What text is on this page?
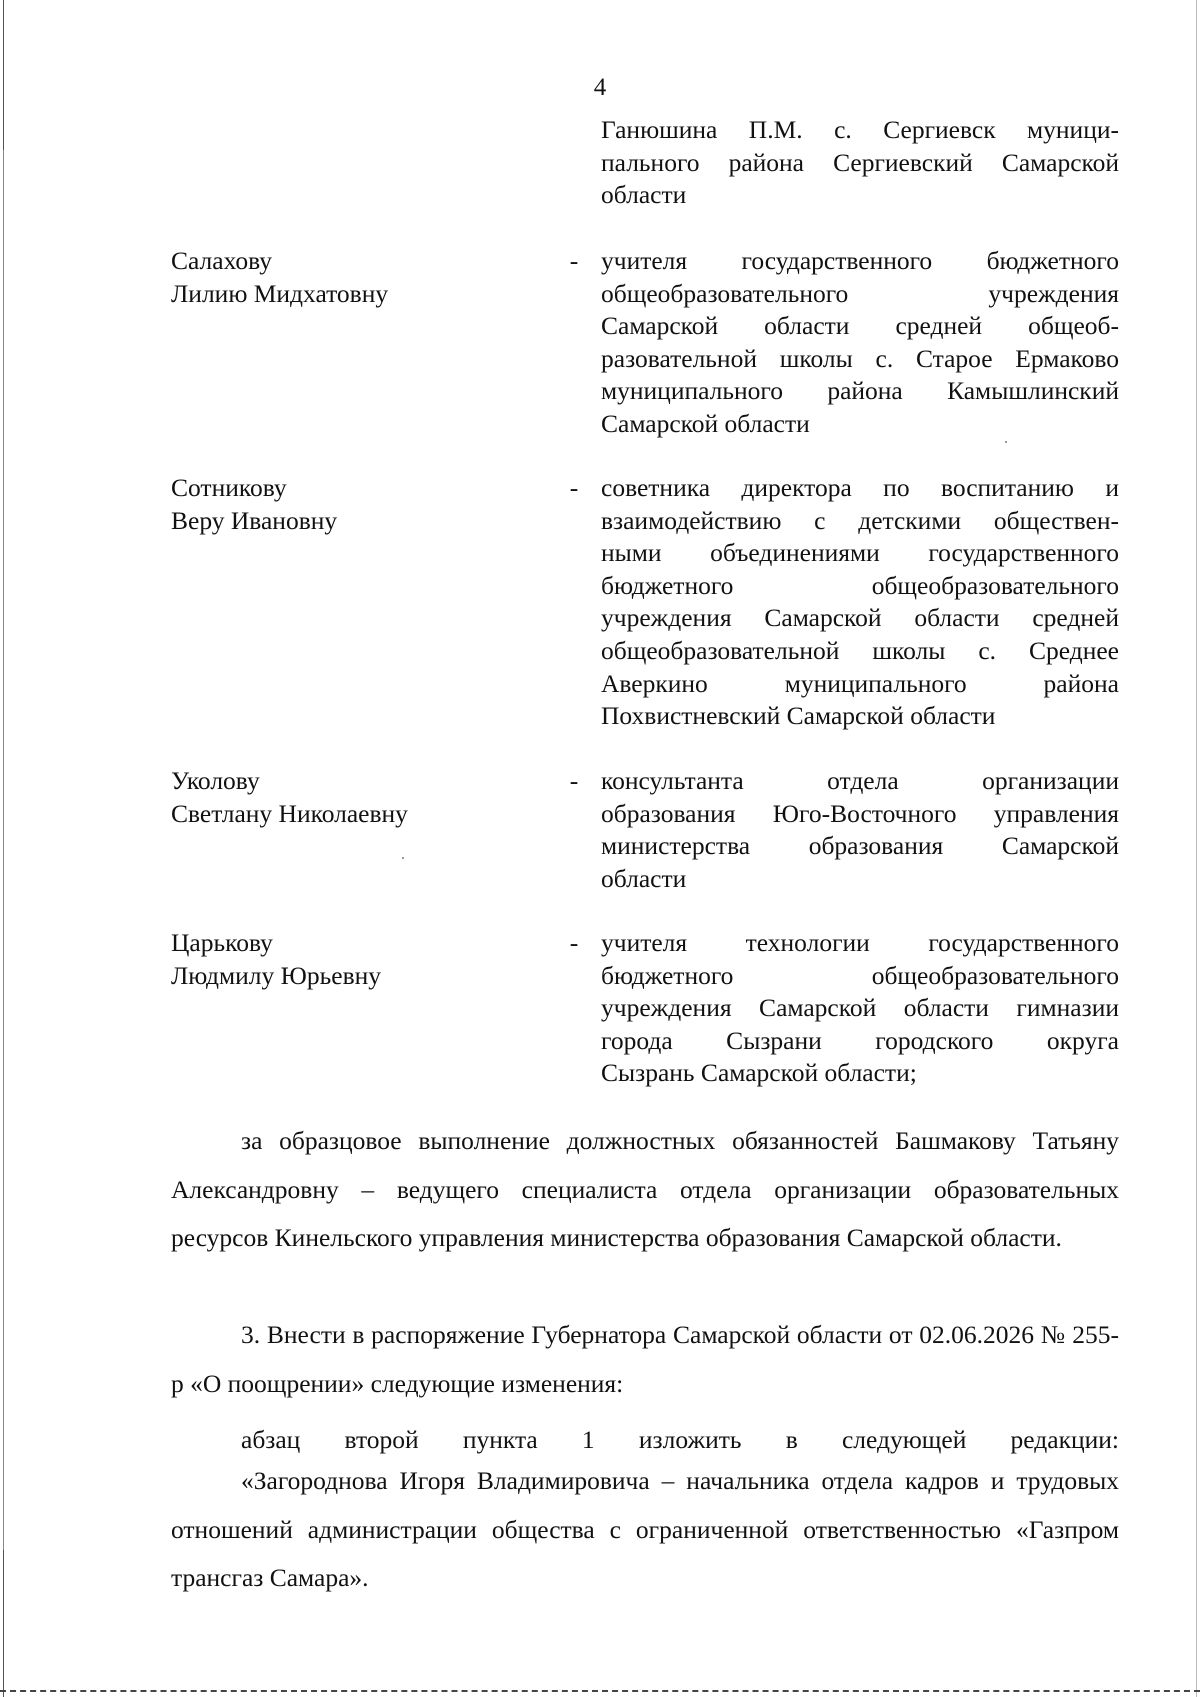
4
Ганюшина П.М. с. Сергиевск муници-
пального района Сергиевский Самарской
области
Салахову
Лилию Мидхатовну
- учителя государственного бюджетного
общеобразовательного учреждения
Самарской области средней общеоб-
разовательной школы с. Старое Ермаково
муниципального района Камышлинский
Самарской области
Сотникову
Веру Ивановну
- советника директора по воспитанию и
взаимодействию с детскими обществен-
ными объединениями государственного
бюджетного общеобразовательного
учреждения Самарской области средней
общеобразовательной школы с. Среднее
Аверкино муниципального района
Похвистневский Самарской области
Уколову
Светлану Николаевну
- консультанта отдела организации
образования Юго-Восточного управления
министерства образования Самарской
области
Царькову
Людмилу Юрьевну
- учителя технологии государственного
бюджетного общеобразовательного
учреждения Самарской области гимназии
города Сызрани городского округа
Сызрань Самарской области;
за образцовое выполнение должностных обязанностей Башмакову Татьяну Александровну – ведущего специалиста отдела организации образовательных ресурсов Кинельского управления министерства образования Самарской области.
3. Внести в распоряжение Губернатора Самарской области от 02.06.2026 № 255-р «О поощрении» следующие изменения:
абзац второй пункта 1 изложить в следующей редакции:
«Загороднова Игоря Владимировича – начальника отдела кадров и трудовых отношений администрации общества с ограниченной ответственностью «Газпром трансгаз Самара».
